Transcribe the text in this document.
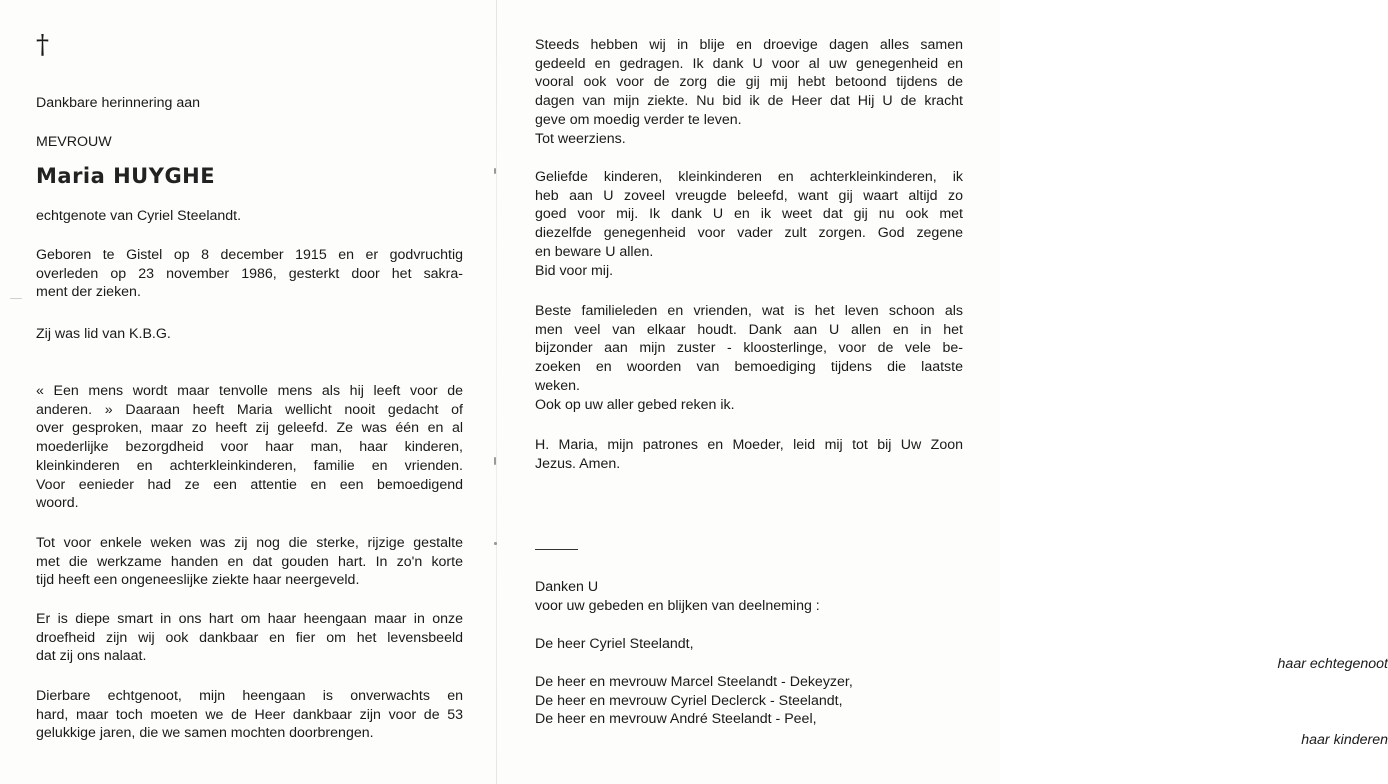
†

Dankbare herinnering aan

MEVROUW

Maria HUYGHE

echtgenote van Cyriel Steelandt.

Geboren te Gistel op 8 december 1915 en er godvruchtig
overleden op 23 november 1986, gesterkt door het sakra-
ment der zieken.

Zij was lid van K.B.G.

« Een mens wordt maar tenvolle mens als hij leeft voor de
anderen. » Daaraan heeft Maria wellicht nooit gedacht of
over gesproken, maar zo heeft zij geleefd. Ze was één en al
moederlijke bezorgdheid voor haar man, haar kinderen,
kleinkinderen en achterkleinkinderen, familie en vrienden.
Voor eenieder had ze een attentie en een bemoedigend
woord.

Tot voor enkele weken was zij nog die sterke, rijzige gestalte
met die werkzame handen en dat gouden hart. In zo'n korte
tijd heeft een ongeneeslijke ziekte haar neergeveld.

Er is diepe smart in ons hart om haar heengaan maar in onze
droefheid zijn wij ook dankbaar en fier om het levensbeeld
dat zij ons nalaat.

Dierbare echtgenoot, mijn heengaan is onverwachts en
hard, maar toch moeten we de Heer dankbaar zijn voor de 53
gelukkige jaren, die we samen mochten doorbrengen.

Steeds hebben wij in blije en droevige dagen alles samen
gedeeld en gedragen. Ik dank U voor al uw genegenheid en
vooral ook voor de zorg die gij mij hebt betoond tijdens de
dagen van mijn ziekte. Nu bid ik de Heer dat Hij U de kracht
geve om moedig verder te leven.
Tot weerziens.

Geliefde kinderen, kleinkinderen en achterkleinkinderen, ik
heb aan U zoveel vreugde beleefd, want gij waart altijd zo
goed voor mij. Ik dank U en ik weet dat gij nu ook met
diezelfde genegenheid voor vader zult zorgen. God zegene
en beware U allen.
Bid voor mij.

Beste familieleden en vrienden, wat is het leven schoon als
men veel van elkaar houdt. Dank aan U allen en in het
bijzonder aan mijn zuster - kloosterlinge, voor de vele be-
zoeken en woorden van bemoediging tijdens die laatste
weken.
Ook op uw aller gebed reken ik.

H. Maria, mijn patrones en Moeder, leid mij tot bij Uw Zoon
Jezus. Amen.

Danken U
voor uw gebeden en blijken van deelneming :

De heer Cyriel Steelandt,

haar echtegenoot

De heer en mevrouw Marcel Steelandt - Dekeyzer,
De heer en mevrouw Cyriel Declerck - Steelandt,
De heer en mevrouw André Steelandt - Peel,

haar kinderen
